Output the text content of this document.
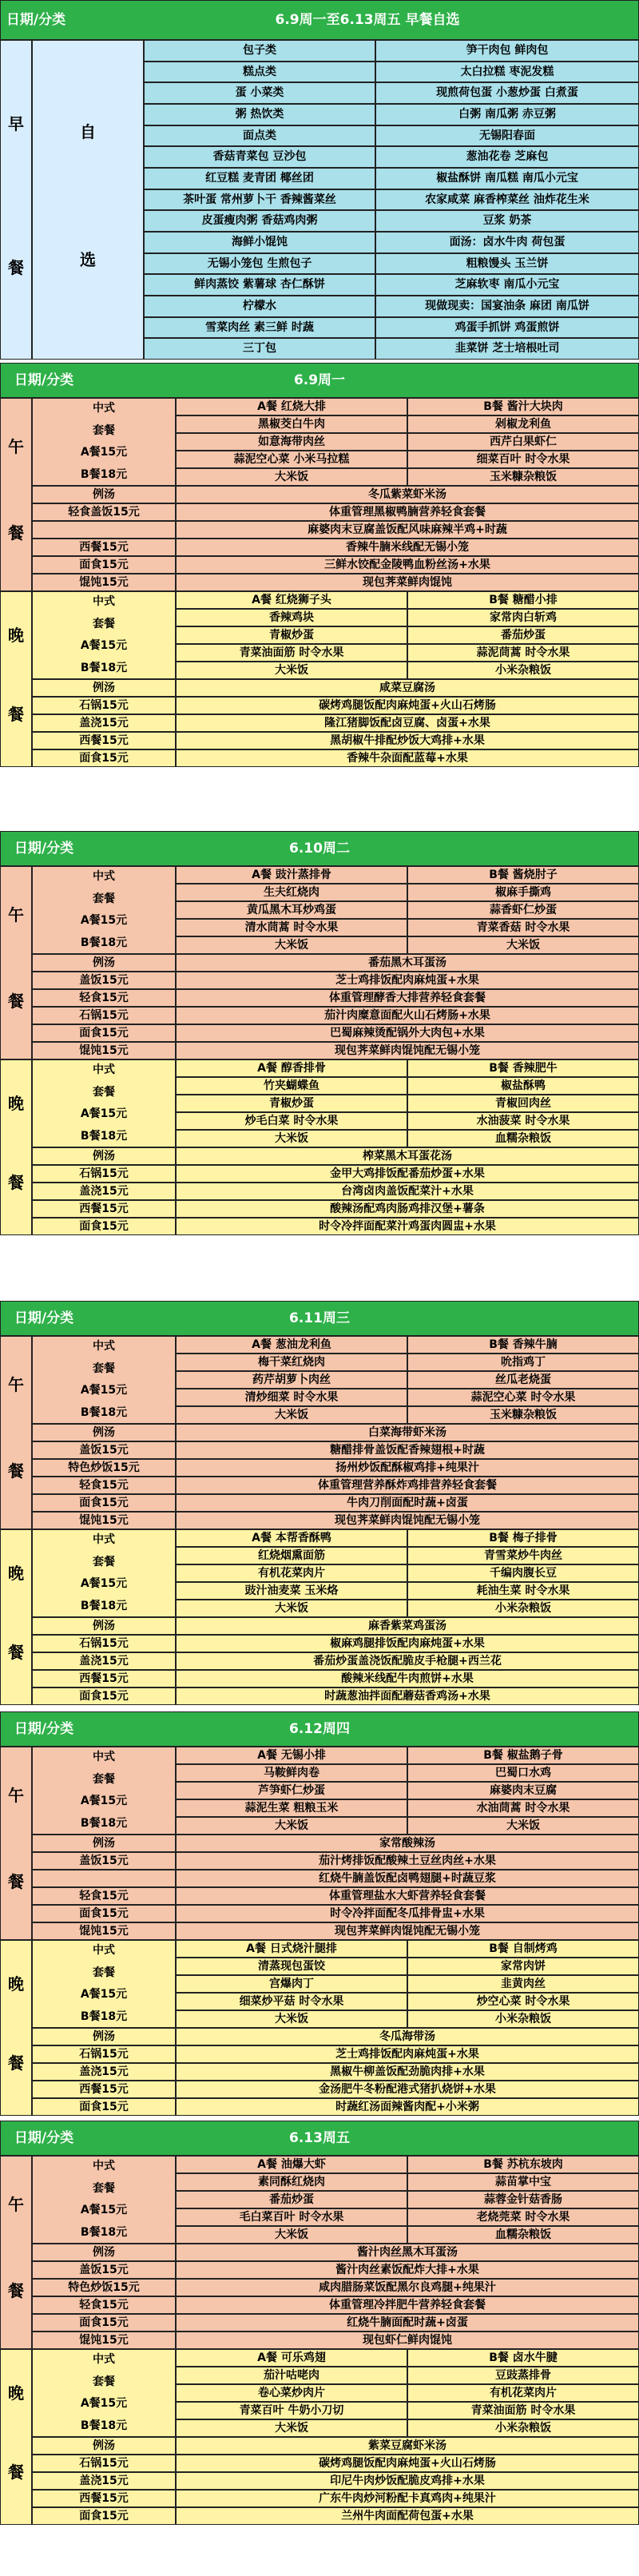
日期/分类	6.9周一至6.13周五 早餐自选
早
餐
自
选
包子类	笋干肉包 鲜肉包
糕点类	太白拉糕 枣泥发糕
蛋 小菜类	现煎荷包蛋 小葱炒蛋 白煮蛋
粥 热饮类	白粥 南瓜粥 赤豆粥
面点类	无锡阳春面
香菇青菜包 豆沙包	葱油花卷 芝麻包
红豆糕 麦青团 椰丝团	椒盐酥饼 南瓜糕 南瓜小元宝
茶叶蛋 常州萝卜干 香辣酱菜丝	农家咸菜 麻香榨菜丝 油炸花生米
皮蛋瘦肉粥 香菇鸡肉粥	豆浆 奶茶
海鲜小馄饨	面汤：卤水牛肉 荷包蛋
无锡小笼包 生煎包子	粗粮馒头 玉兰饼
鲜肉蒸饺 紫薯球 杏仁酥饼	芝麻软枣 南瓜小元宝
柠檬水	现做现卖：国宴油条 麻团 南瓜饼
雪菜肉丝 素三鲜 时蔬	鸡蛋手抓饼 鸡蛋煎饼
三丁包	韭菜饼 芝士培根吐司
日期/分类	6.9周一
午
餐
中式
套餐
A餐15元
B餐18元
A餐 红烧大排	B餐 酱汁大块肉
黑椒茭白牛肉	剁椒龙利鱼
如意海带肉丝	西芹白果虾仁
蒜泥空心菜 小米马拉糕	细菜百叶 时令水果
大米饭	玉米糠杂粮饭
例汤	冬瓜紫菜虾米汤
轻食盖饭15元	体重管理黑椒鸭腩营养轻食套餐
麻婆肉末豆腐盖饭配风味麻辣半鸡+时蔬
西餐15元	香辣牛腩米线配无锡小笼
面食15元	三鲜水饺配金陵鸭血粉丝汤+水果
馄饨15元	现包荠菜鲜肉馄饨
晚
餐
中式
套餐
A餐15元
B餐18元
A餐 红烧狮子头	B餐 糖醋小排
香辣鸡块	家常肉白斩鸡
青椒炒蛋	番茄炒蛋
青菜油面筋 时令水果	蒜泥茼蒿 时令水果
大米饭	小米杂粮饭
例汤	咸菜豆腐汤
石锅15元	碳烤鸡腿饭配肉麻炖蛋+火山石烤肠
盖浇15元	隆江猪脚饭配卤豆腐、卤蛋+水果
西餐15元	黑胡椒牛排配炒饭大鸡排+水果
面食15元	香辣牛杂面配蓝莓+水果
日期/分类	6.10周二
午
餐
中式
套餐
A餐15元
B餐18元
A餐 豉汁蒸排骨	B餐 酱烧肘子
生夫红烧肉	椒麻手撕鸡
黄瓜黑木耳炒鸡蛋	蒜香虾仁炒蛋
清水茼蒿 时令水果	青菜香菇 时令水果
大米饭	大米饭
例汤	番茄黑木耳蛋汤
盖饭15元	芝士鸡排饭配肉麻炖蛋+水果
轻食15元	体重管理酵香大排营养轻食套餐
石锅15元	茄汁肉糜意面配火山石烤肠+水果
面食15元	巴蜀麻辣烫配锅外大肉包+水果
馄饨15元	现包荠菜鲜肉馄饨配无锡小笼
晚
餐
中式
套餐
A餐15元
B餐18元
A餐 醇香排骨	B餐 香辣肥牛
竹夹蝴蝶鱼	椒盐酥鸭
青椒炒蛋	青椒回肉丝
炒毛白菜 时令水果	水油菠菜 时令水果
大米饭	血糯杂粮饭
例汤	榨菜黑木耳蛋花汤
石锅15元	金甲大鸡排饭配番茄炒蛋+水果
盖浇15元	台湾卤肉盖饭配菜汁+水果
西餐15元	酸辣汤配鸡肉肠鸡排汉堡+薯条
面食15元	时令冷拌面配菜汁鸡蛋肉圆盅+水果
日期/分类	6.11周三
午
餐
中式
套餐
A餐15元
B餐18元
A餐 葱油龙利鱼	B餐 香辣牛腩
梅干菜红烧肉	吮指鸡丁
药芹胡萝卜肉丝	丝瓜老烧蛋
清炒细菜 时令水果	蒜泥空心菜 时令水果
大米饭	玉米糠杂粮饭
例汤	白菜海带虾米汤
盖饭15元	糖醋排骨盖饭配香辣翅根+时蔬
特色炒饭15元	扬州炒饭配酥椒鸡排+纯果汁
轻食15元	体重管理营养酥炸鸡排营养轻食套餐
面食15元	牛肉刀削面配时蔬+卤蛋
馄饨15元	现包荠菜鲜肉馄饨配无锡小笼
晚
餐
中式
套餐
A餐15元
B餐18元
A餐 本帮香酥鸭	B餐 梅子排骨
红烧烟熏面筋	青雪菜炒牛肉丝
有机花菜肉片	千编肉腹长豆
豉汁油麦菜 玉米烙	耗油生菜 时令水果
大米饭	小米杂粮饭
例汤	麻香紫菜鸡蛋汤
石锅15元	椒麻鸡腿排饭配肉麻炖蛋+水果
盖浇15元	番茄炒蛋盖浇饭配脆皮手枪腿+西兰花
西餐15元	酸辣米线配牛肉煎饼+水果
面食15元	时蔬葱油拌面配蘑菇香鸡汤+水果
日期/分类	6.12周四
午
餐
中式
套餐
A餐15元
B餐18元
A餐 无锡小排	B餐 椒盐鹅子骨
马鞍鲜肉卷	巴蜀口水鸡
芦笋虾仁炒蛋	麻婆肉末豆腐
蒜泥生菜 粗粮玉米	水油茼蒿 时令水果
大米饭	大米饭
例汤	家常酸辣汤
盖饭15元	茄汁烤排饭配酸辣土豆丝肉丝+水果
红烧牛腩盖饭配卤鸭翅腿+时蔬豆浆
轻食15元	体重管理盐水大虾营养轻食套餐
面食15元	时令冷拌面配冬瓜排骨盅+水果
馄饨15元	现包荠菜鲜肉馄饨配无锡小笼
晚
餐
中式
套餐
A餐15元
B餐18元
A餐 日式烧汁腿排	B餐 自制烤鸡
清蒸现包蛋饺	家常肉饼
宫爆肉丁	韭黄肉丝
细菜炒平菇 时令水果	炒空心菜 时令水果
大米饭	小米杂粮饭
例汤	冬瓜海带汤
石锅15元	芝士鸡排饭配肉麻炖蛋+水果
盖浇15元	黑椒牛柳盖饭配劲脆肉排+水果
西餐15元	金汤肥牛冬粉配港式猪扒烧饼+水果
面食15元	时蔬红汤面辣酱肉配+小米粥
日期/分类	6.13周五
午
餐
中式
套餐
A餐15元
B餐18元
A餐 油爆大虾	B餐 苏杭东坡肉
素同酥红烧肉	蒜苗掌中宝
番茄炒蛋	蒜蓉金针菇香肠
毛白菜百叶 时令水果	老烧莞菜 时令水果
大米饭	血糯杂粮饭
例汤	酱汁肉丝黑木耳蛋汤
盖饭15元	酱汁肉丝素饭配炸大排+水果
特色炒饭15元	咸肉腊肠菜饭配黑尔良鸡腿+纯果汁
轻食15元	体重管理冷拌肥牛营养轻食套餐
面食15元	红烧牛腩面配时蔬+卤蛋
馄饨15元	现包虾仁鲜肉馄饨
晚
餐
中式
套餐
A餐15元
B餐18元
A餐 可乐鸡翅	B餐 卤水牛腱
茄汁咕咾肉	豆豉蒸排骨
卷心菜炒肉片	有机花菜肉片
青菜百叶 牛奶小刀切	青菜油面筋 时令水果
大米饭	小米杂粮饭
例汤	紫菜豆腐虾米汤
石锅15元	碳烤鸡腿饭配肉麻炖蛋+火山石烤肠
盖浇15元	印尼牛肉炒饭配脆皮鸡排+水果
西餐15元	广东牛肉炒河粉配卡真鸡肉+纯果汁
面食15元	兰州牛肉面配荷包蛋+水果
